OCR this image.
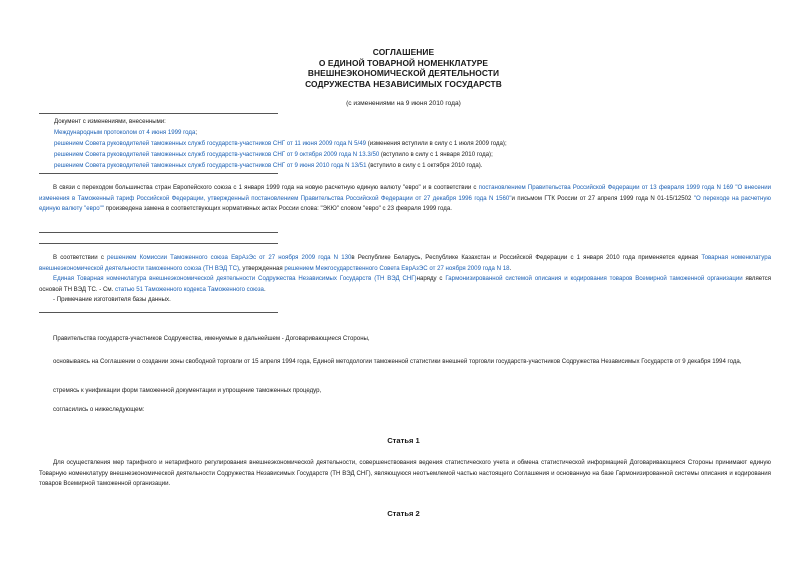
СОГЛАШЕНИЕ
О ЕДИНОЙ ТОВАРНОЙ НОМЕНКЛАТУРЕ
ВНЕШНЕЭКОНОМИЧЕСКОЙ ДЕЯТЕЛЬНОСТИ
СОДРУЖЕСТВА НЕЗАВИСИМЫХ ГОСУДАРСТВ
(с изменениями на 9 июня 2010 года)
Документ с изменениями, внесенными:
Международным протоколом от 4 июня 1999 года;
решением Совета руководителей таможенных служб государств-участников СНГ от 11 июня 2009 года N 5/49 (изменения вступили в силу с 1 июля 2009 года);
решением Совета руководителей таможенных служб государств-участников СНГ от 9 октября 2009 года N 13.3/50 (вступило в силу с 1 января 2010 года);
решением Совета руководителей таможенных служб государств-участников СНГ от 9 июня 2010 года N 13/51 (вступило в силу с 1 октября 2010 года).
В связи с переходом большинства стран Европейского союза с 1 января 1999 года на новую расчетную единую валюту "евро" и в соответствии с постановлением Правительства Российской Федерации от 13 февраля 1999 года N 169 "О внесении изменения в Таможенный тариф Российской Федерации, утвержденный постановлением Правительства Российской Федерации от 27 декабря 1996 года N 1560"и письмом ГТК России от 27 апреля 1999 года N 01-15/12502 "О переходе на расчетную единую валюту "евро"" произведена замена в соответствующих нормативных актах России слова: "ЭКЮ" словом "евро" с 23 февраля 1999 года.
В соответствии с решением Комиссии Таможенного союза ЕврАзЭс от 27 ноября 2009 года N 130в Республике Беларусь, Республике Казахстан и Российской Федерации с 1 января 2010 года применяется единая Товарная номенклатура внешнеэкономической деятельности таможенного союза (ТН ВЭД ТС), утвержденная решением Межгосударственного Совета ЕврАзЭС от 27 ноября 2009 года N 18.
Единая Товарная номенклатура внешнеэкономической деятельности Содружества Независимых Государств (ТН ВЭД СНГ)наряду с Гармонизированной системой описания и кодирования товаров Всемирной таможенной организации является основой ТН ВЭД ТС. - См. статью 51 Таможенного кодекса Таможенного союза.
- Примечание изготовителя базы данных.
Правительства государств-участников Содружества, именуемые в дальнейшем - Договаривающиеся Стороны,
основываясь на Соглашении о создании зоны свободной торговли от 15 апреля 1994 года, Единой методологии таможенной статистики внешней торговли государств-участников Содружества Независимых Государств от 9 декабря 1994 года,
стремясь к унификации форм таможенной документации и упрощение таможенных процедур,
согласились о нижеследующем:
Статья 1
Для осуществления мер тарифного и нетарифного регулирования внешнеэкономической деятельности, совершенствования ведения статистического учета и обмена статистической информацией Договаривающиеся Стороны принимают единую Товарную номенклатуру внешнеэкономической деятельности Содружества Независимых Государств (ТН ВЭД СНГ), являющуюся неотъемлемой частью настоящего Соглашения и основанную на базе Гармонизированной системы описания и кодирования товаров Всемирной таможенной организации.
Статья 2
